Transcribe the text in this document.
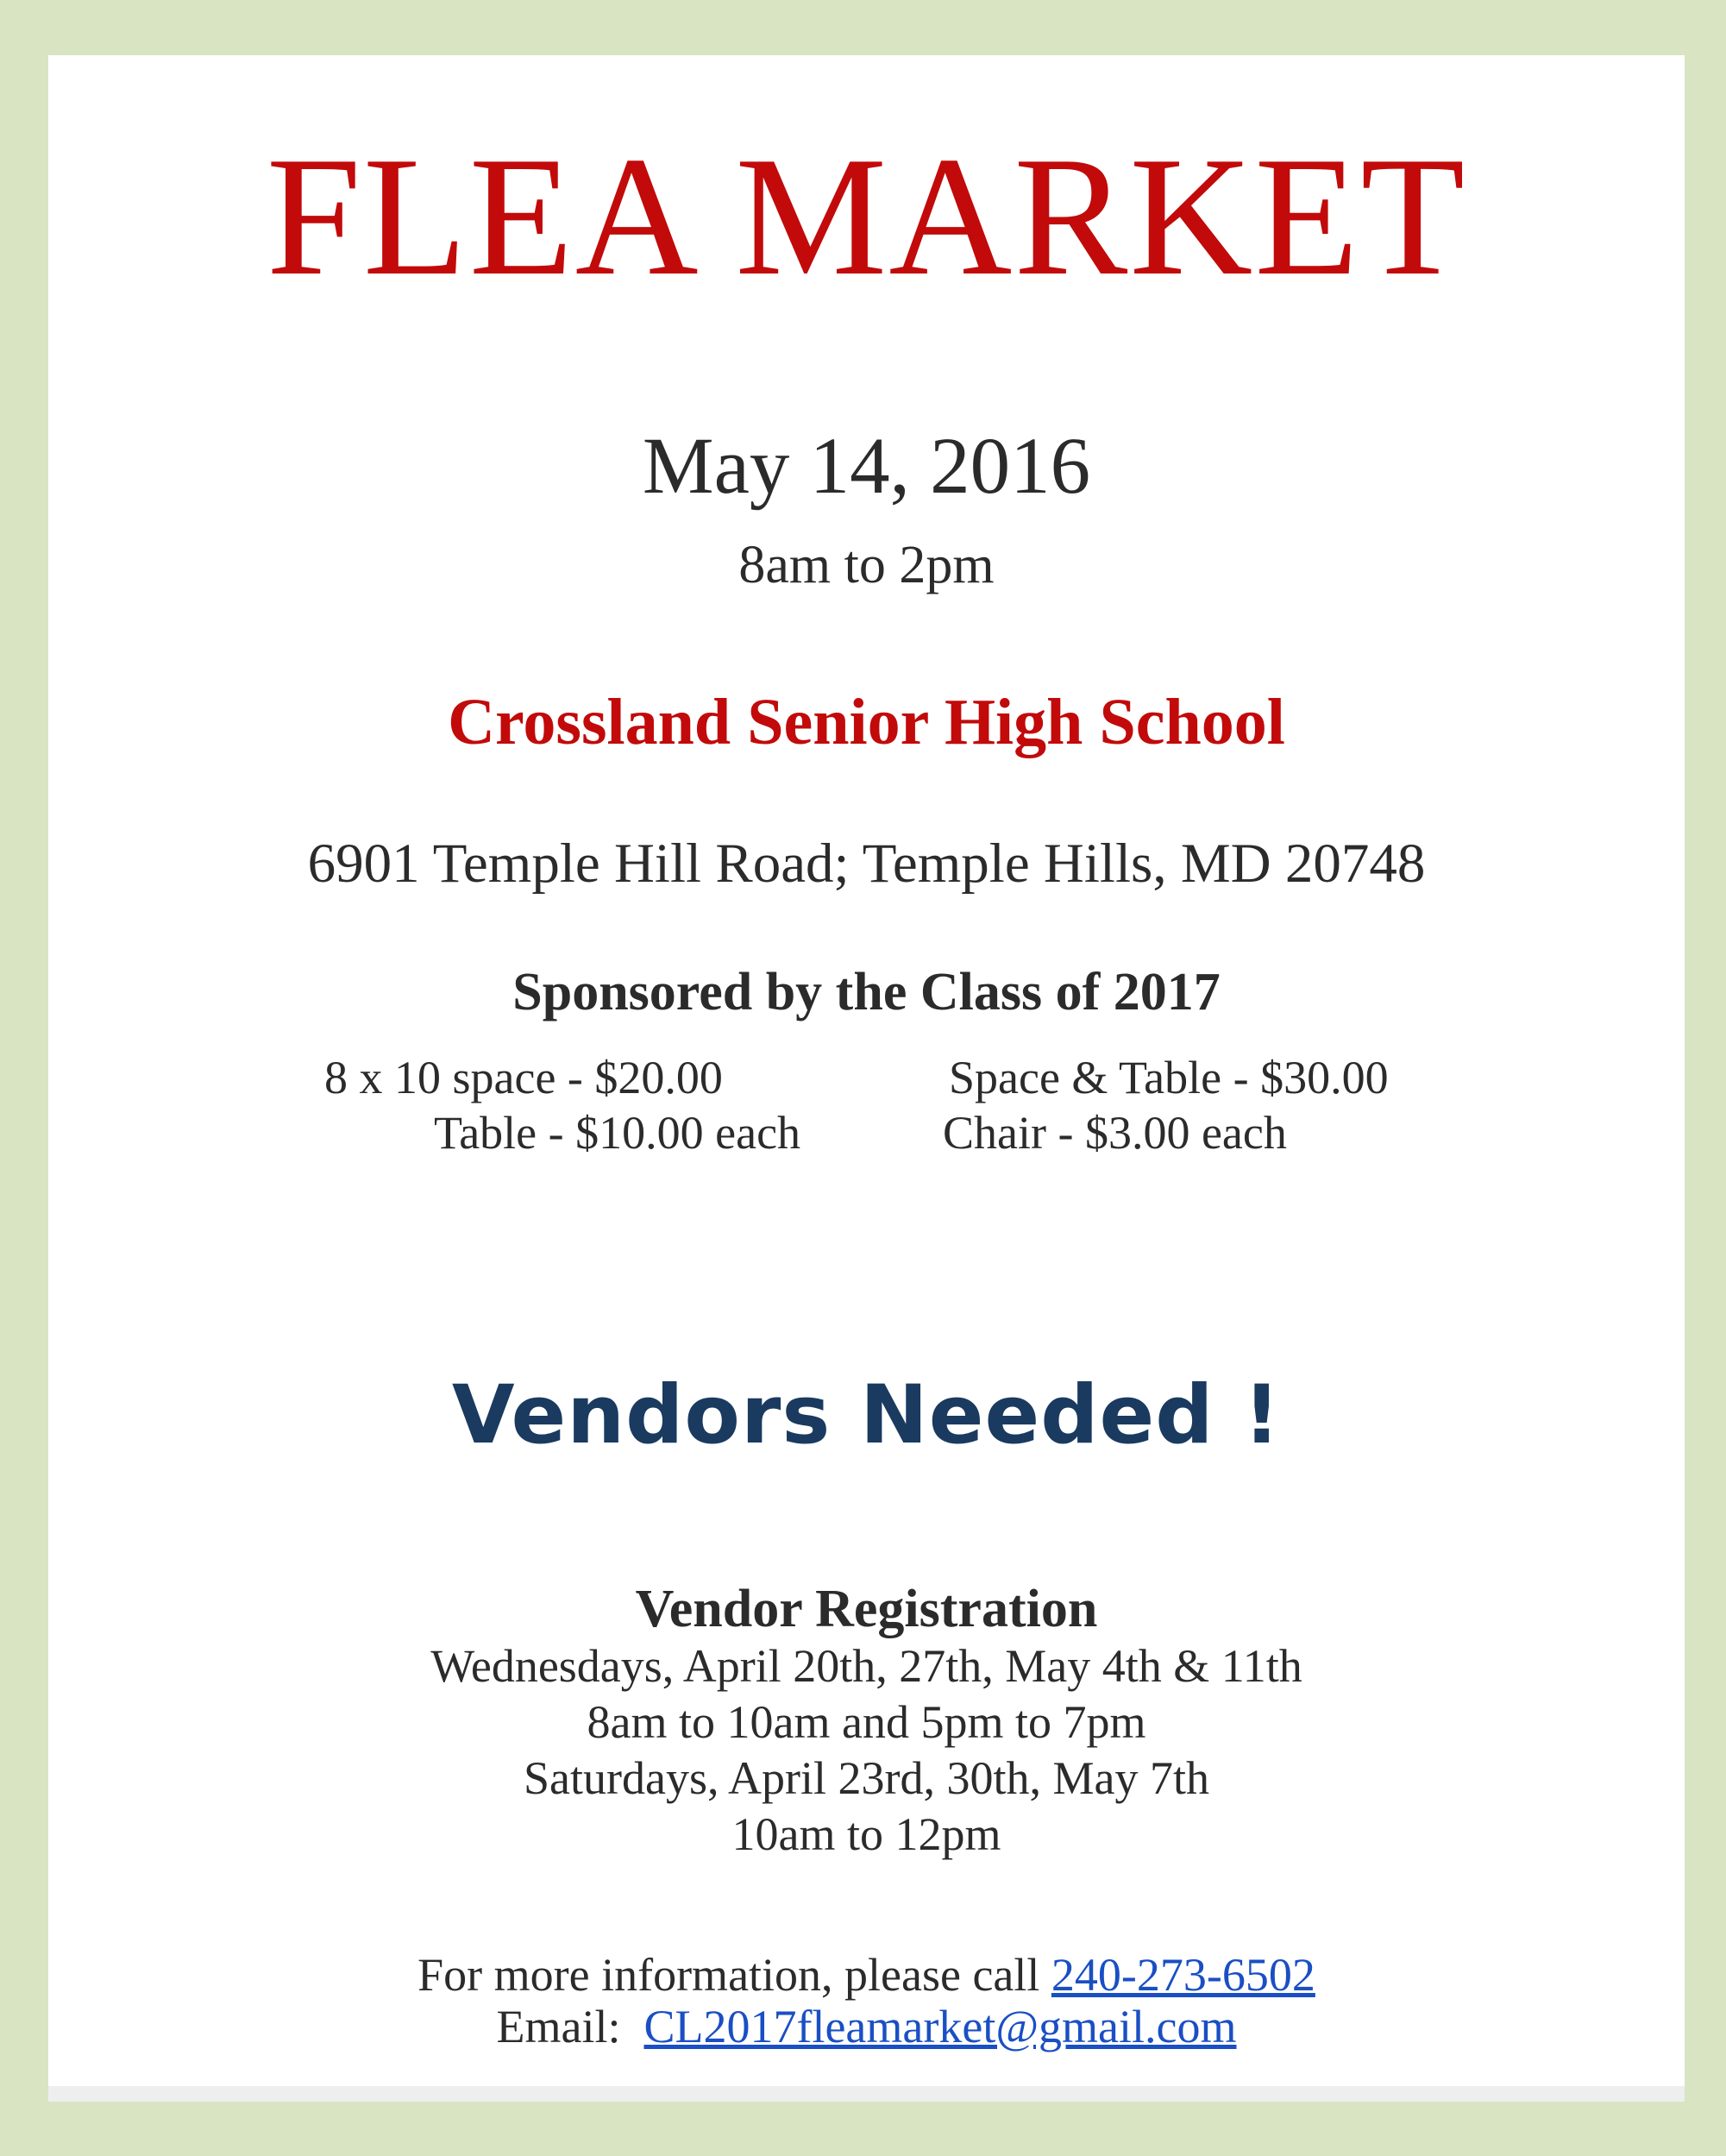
FLEA MARKET
May 14, 2016
8am to 2pm
Crossland Senior High School
6901 Temple Hill Road; Temple Hills, MD 20748
Sponsored by the Class of 2017
8 x 10 space - $20.00	Space & Table - $30.00
Table - $10.00 each	Chair - $3.00 each
Vendors Needed !
Vendor Registration
Wednesdays, April 20th, 27th, May 4th & 11th
8am to 10am and 5pm to 7pm
Saturdays, April 23rd, 30th, May 7th
10am to 12pm
For more information, please call 240-273-6502
Email:  CL2017fleamarket@gmail.com
